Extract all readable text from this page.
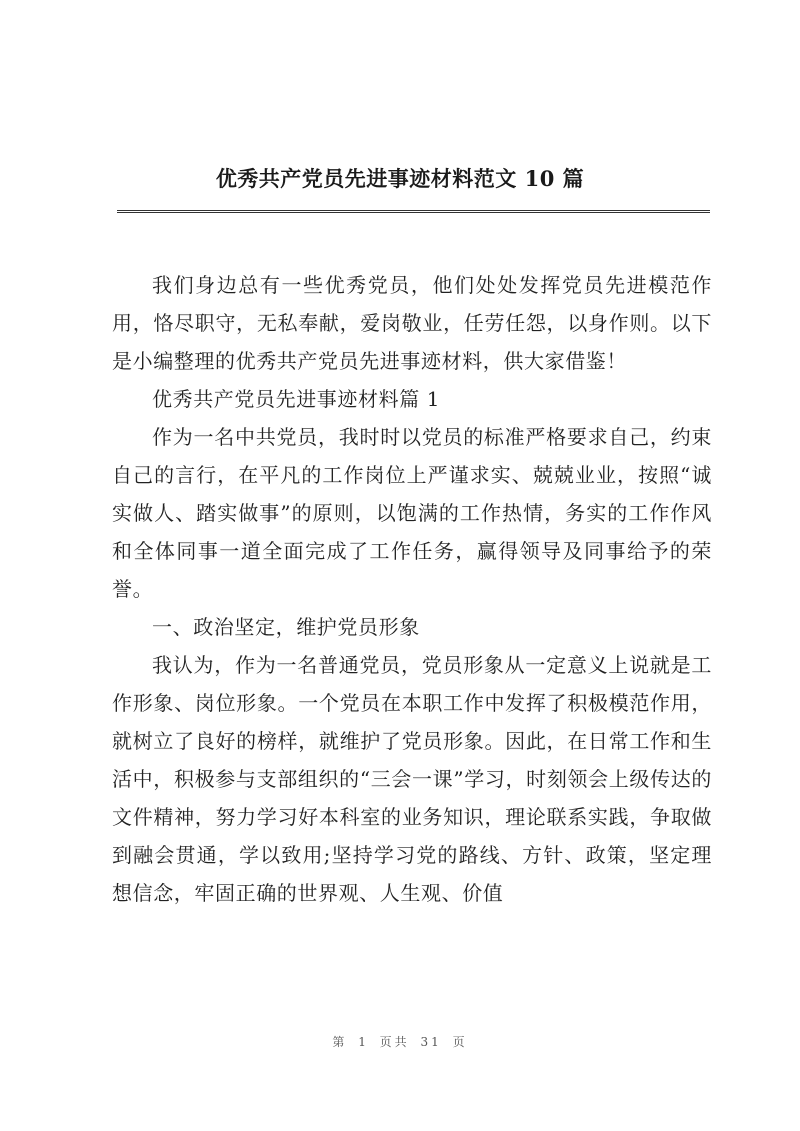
优秀共产党员先进事迹材料范文 10 篇

我们身边总有一些优秀党员，他们处处发挥党员先进模范作用，恪尽职守，无私奉献，爱岗敬业，任劳任怨，以身作则。以下是小编整理的优秀共产党员先进事迹材料，供大家借鉴！

优秀共产党员先进事迹材料篇 1

作为一名中共党员，我时时以党员的标准严格要求自己，约束自己的言行，在平凡的工作岗位上严谨求实、兢兢业业，按照“诚实做人、踏实做事”的原则，以饱满的工作热情，务实的工作作风和全体同事一道全面完成了工作任务，赢得领导及同事给予的荣誉。

一、政治坚定，维护党员形象

我认为，作为一名普通党员，党员形象从一定意义上说就是工作形象、岗位形象。一个党员在本职工作中发挥了积极模范作用，就树立了良好的榜样，就维护了党员形象。因此，在日常工作和生活中，积极参与支部组织的“三会一课”学习，时刻领会上级传达的文件精神，努力学习好本科室的业务知识，理论联系实践，争取做到融会贯通，学以致用;坚持学习党的路线、方针、政策，坚定理想信念，牢固正确的世界观、人生观、价值

第 1 页共 31 页
